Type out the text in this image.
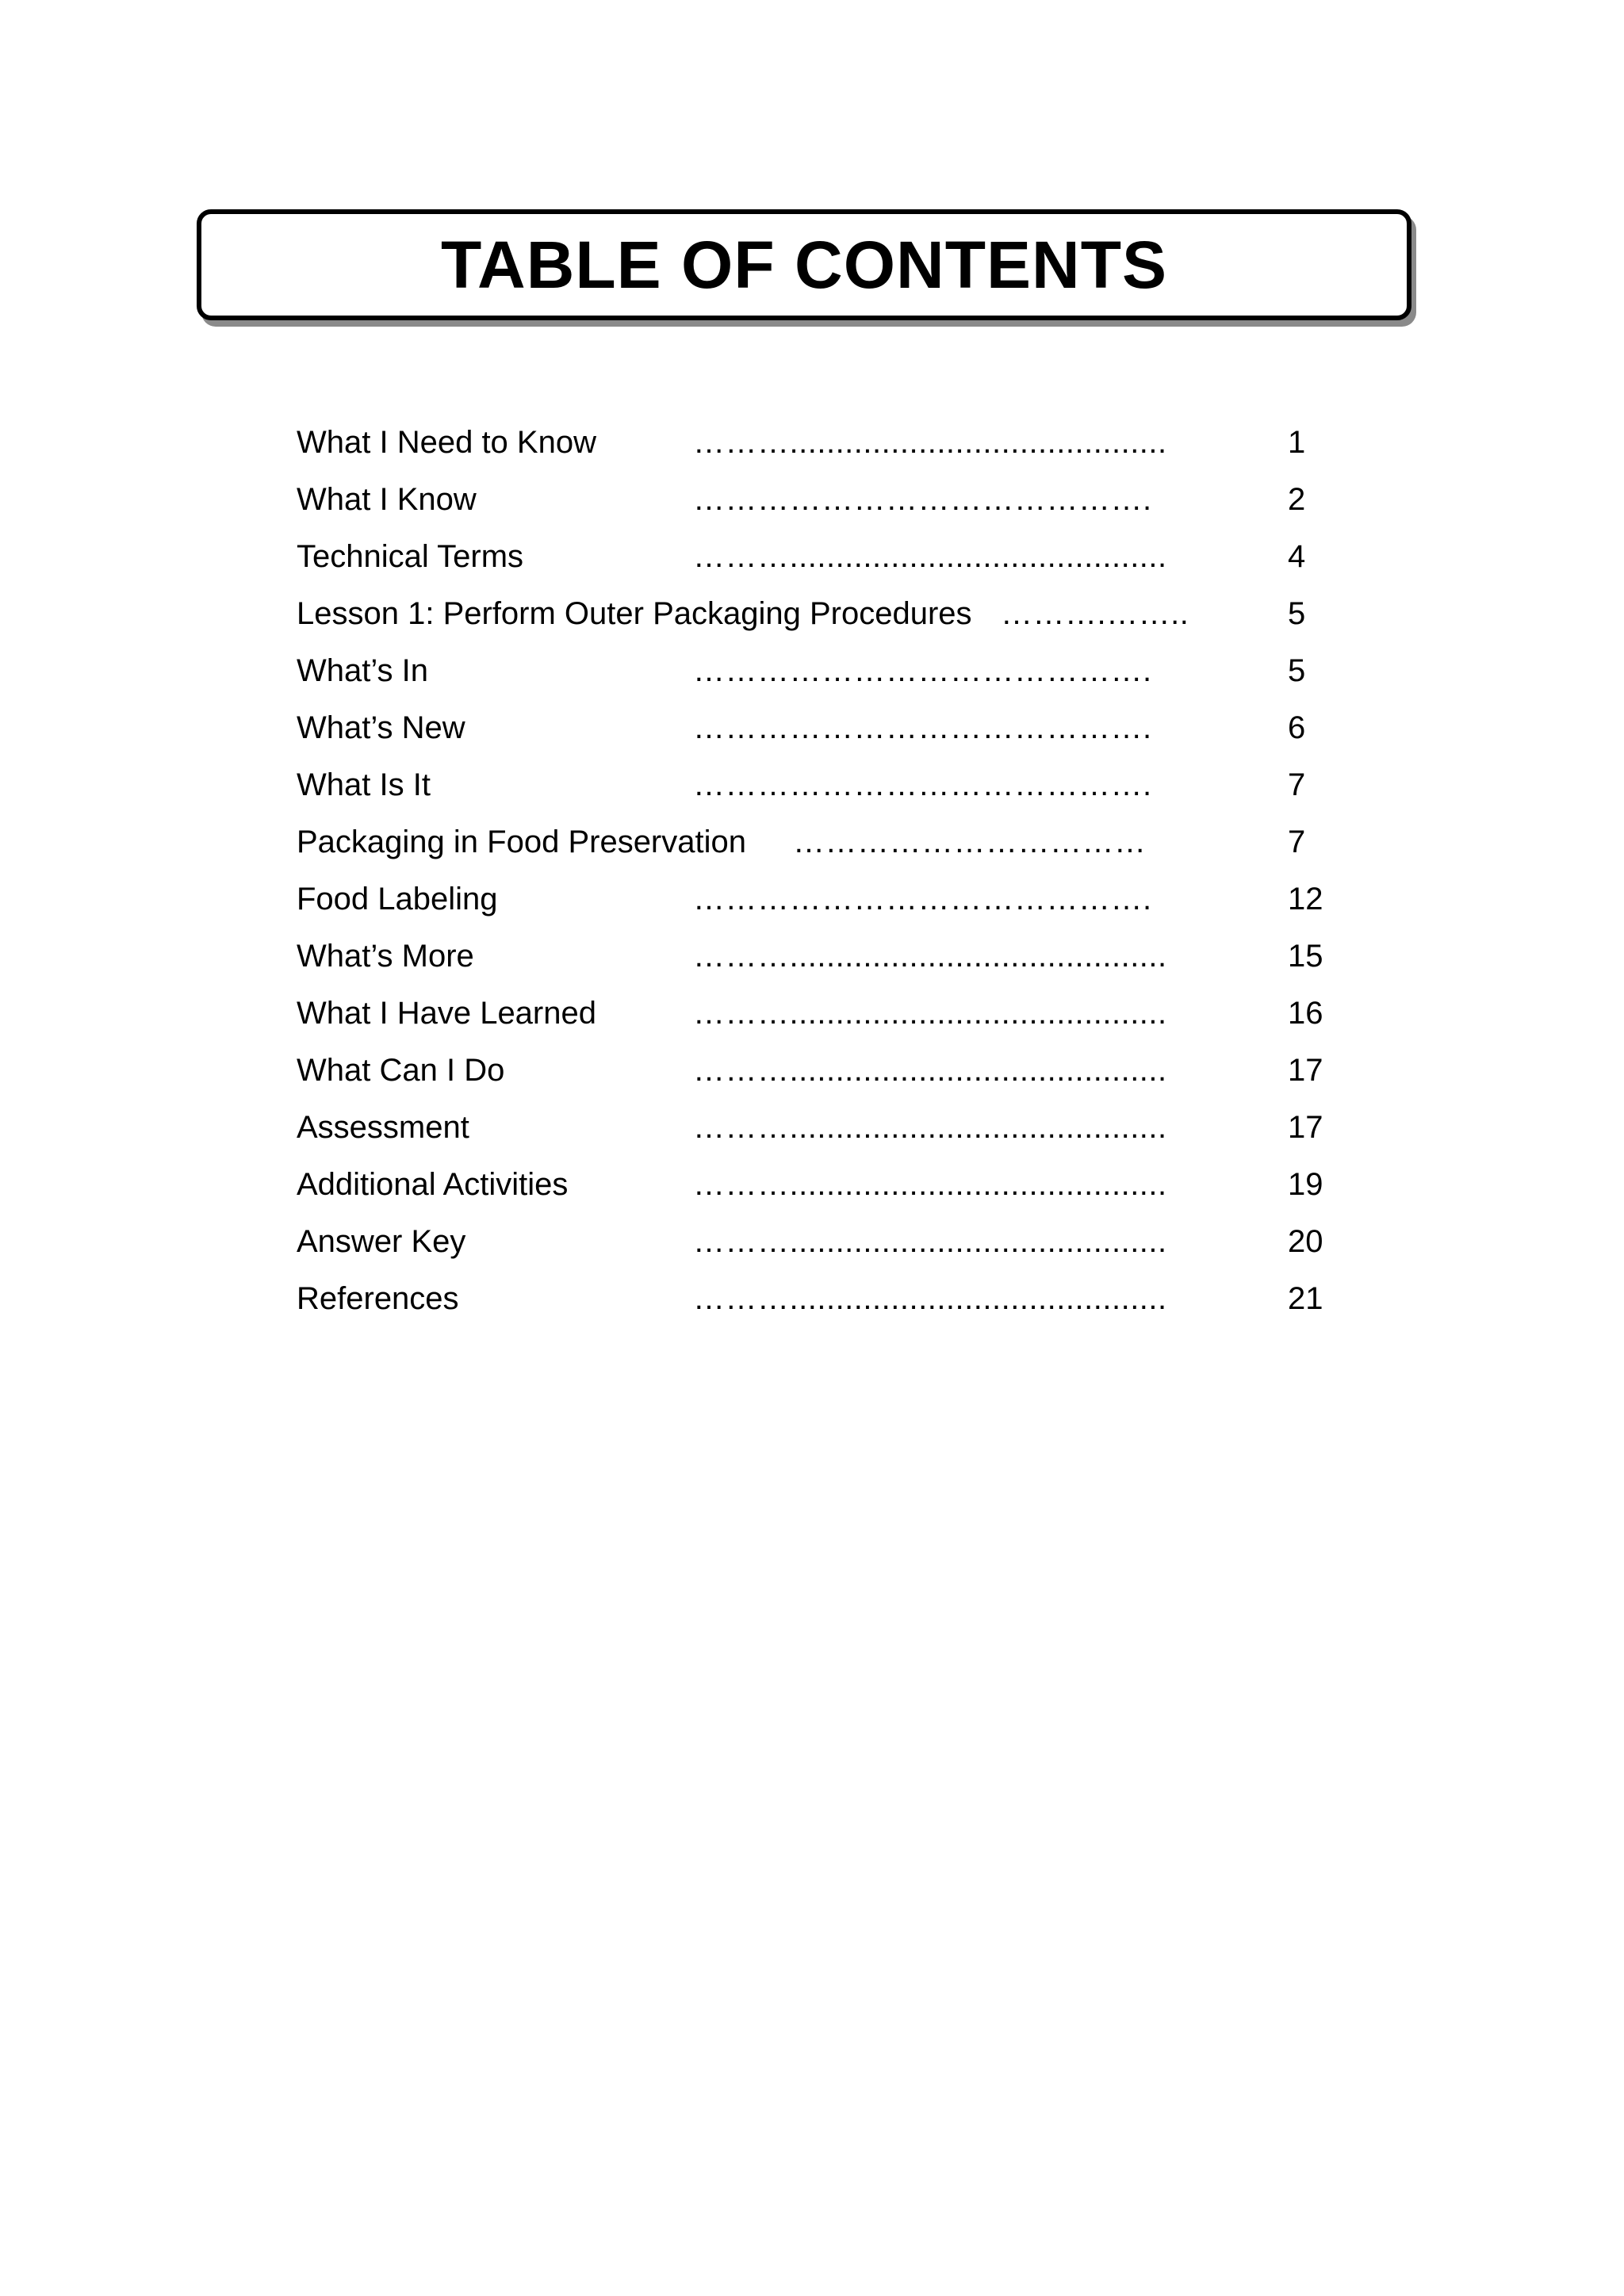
TABLE OF CONTENTS
What I Need to Know	……….........................................	1
What I Know	…………………………………….	2
Technical Terms	……….........................................	4
Lesson 1: Perform Outer Packaging Procedures ……….……..	5
What’s In	…………………………………….	5
What’s New	…………………………………….	6
What Is It	…………………………………….	7
Packaging in Food Preservation ……………………………	7
Food Labeling	…………………………………….	12
What’s More	……….........................................	15
What I Have Learned	……….........................................	16
What Can I Do	……….........................................	17
Assessment	……….........................................	17
Additional Activities	……….........................................	19
Answer Key	……….........................................	20
References	……….........................................	21
